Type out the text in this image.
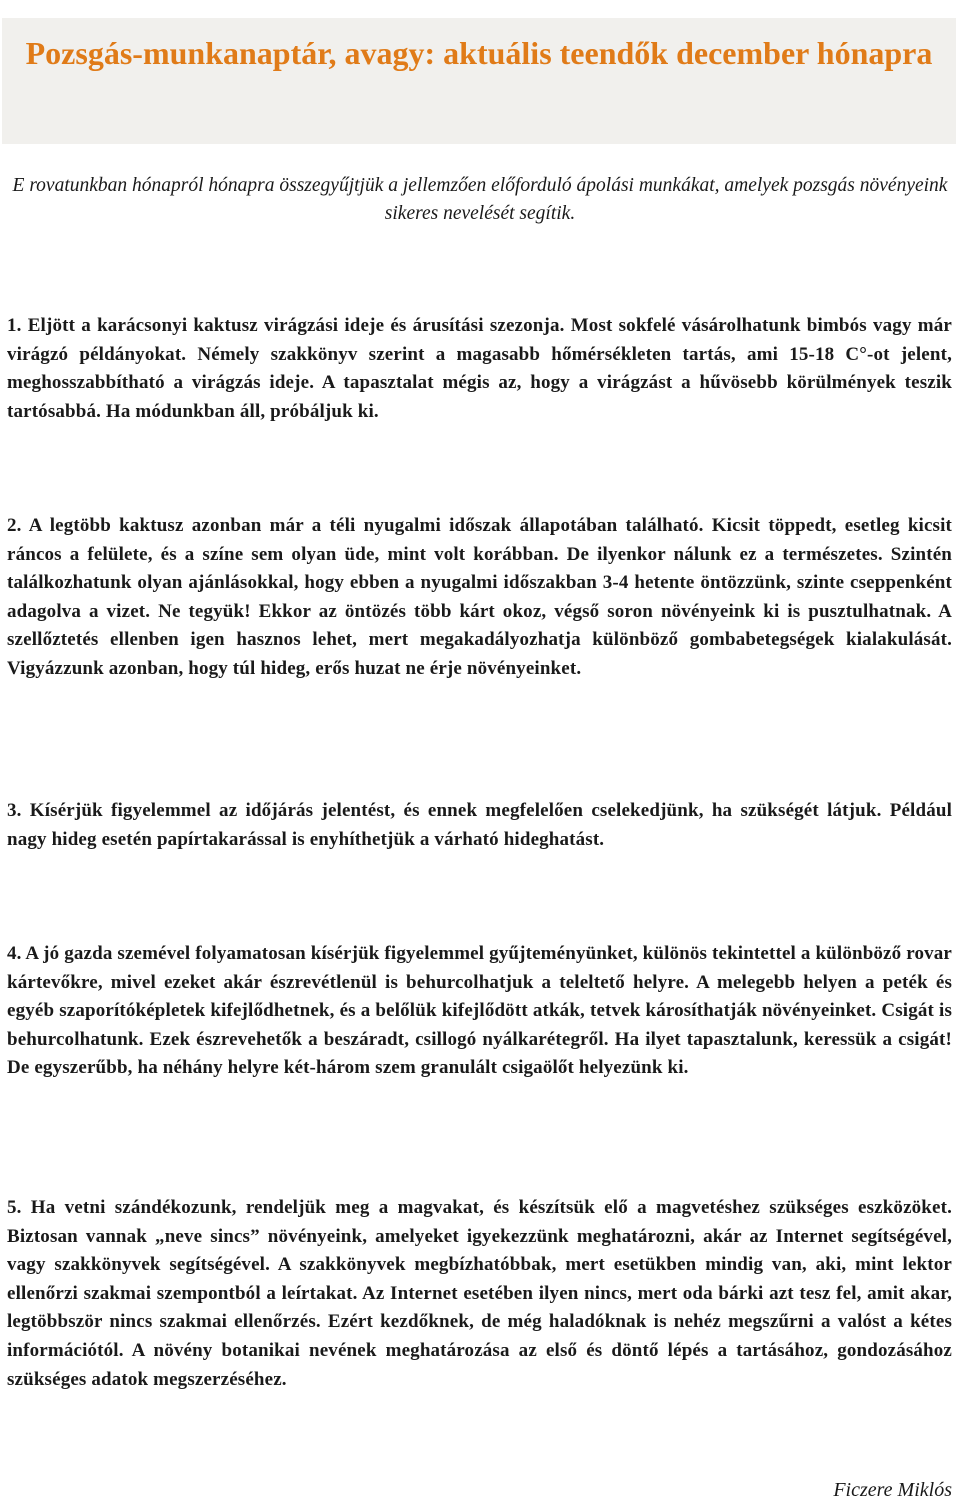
Pozsgás-munkanaptár, avagy: aktuális teendők december hónapra

E rovatunkban hónapról hónapra összegyűjtjük a jellemzően előforduló ápolási munkákat, amelyek pozsgás növényeink sikeres nevelését segítik.

1. Eljött a karácsonyi kaktusz virágzási ideje és árusítási szezonja. Most sokfelé vásárolhatunk bimbós vagy már virágzó példányokat. Némely szakkönyv szerint a magasabb hőmérsékleten tartás, ami 15-18 C°-ot jelent, meghosszabbítható a virágzás ideje. A tapasztalat mégis az, hogy a virágzást a hűvösebb körülmények teszik tartósabbá. Ha módunkban áll, próbáljuk ki.

2. A legtöbb kaktusz azonban már a téli nyugalmi időszak állapotában található. Kicsit töppedt, esetleg kicsit ráncos a felülete, és a színe sem olyan üde, mint volt korábban. De ilyenkor nálunk ez a természetes. Szintén találkozhatunk olyan ajánlásokkal, hogy ebben a nyugalmi időszakban 3-4 hetente öntözzünk, szinte cseppenként adagolva a vizet. Ne tegyük! Ekkor az öntözés több kárt okoz, végső soron növényeink ki is pusztulhatnak. A szellőztetés ellenben igen hasznos lehet, mert megakadályozhatja különböző gombabetegségek kialakulását. Vigyázzunk azonban, hogy túl hideg, erős huzat ne érje növényeinket.

3. Kísérjük figyelemmel az időjárás jelentést, és ennek megfelelően cselekedjünk, ha szükségét látjuk. Például nagy hideg esetén papírtakarással is enyhíthetjük a várható hideghatást.

4. A jó gazda szemével folyamatosan kísérjük figyelemmel gyűjteményünket, különös tekintettel a különböző rovar kártevőkre, mivel ezeket akár észrevétlenül is behurcolhatjuk a teleltető helyre. A melegebb helyen a peték és egyéb szaporítóképletek kifejlődhetnek, és a belőlük kifejlődött atkák, tetvek károsíthatják növényeinket. Csigát is behurcolhatunk. Ezek észrevehetők a beszáradt, csillogó nyálkarétegről. Ha ilyet tapasztalunk, keressük a csigát! De egyszerűbb, ha néhány helyre két-három szem granulált csigaölőt helyezünk ki.

5. Ha vetni szándékozunk, rendeljük meg a magvakat, és készítsük elő a magvetéshez szükséges eszközöket. Biztosan vannak „neve sincs” növényeink, amelyeket igyekezzünk meghatározni, akár az Internet segítségével, vagy szakkönyvek segítségével. A szakkönyvek megbízhatóbbak, mert esetükben mindig van, aki, mint lektor ellenőrzi szakmai szempontból a leírtakat. Az Internet esetében ilyen nincs, mert oda bárki azt tesz fel, amit akar, legtöbbször nincs szakmai ellenőrzés. Ezért kezdőknek, de még haladóknak is nehéz megszűrni a valóst a kétes információtól. A növény botanikai nevének meghatározása az első és döntő lépés a tartásához, gondozásához szükséges adatok megszerzéséhez.

Ficzere Miklós
